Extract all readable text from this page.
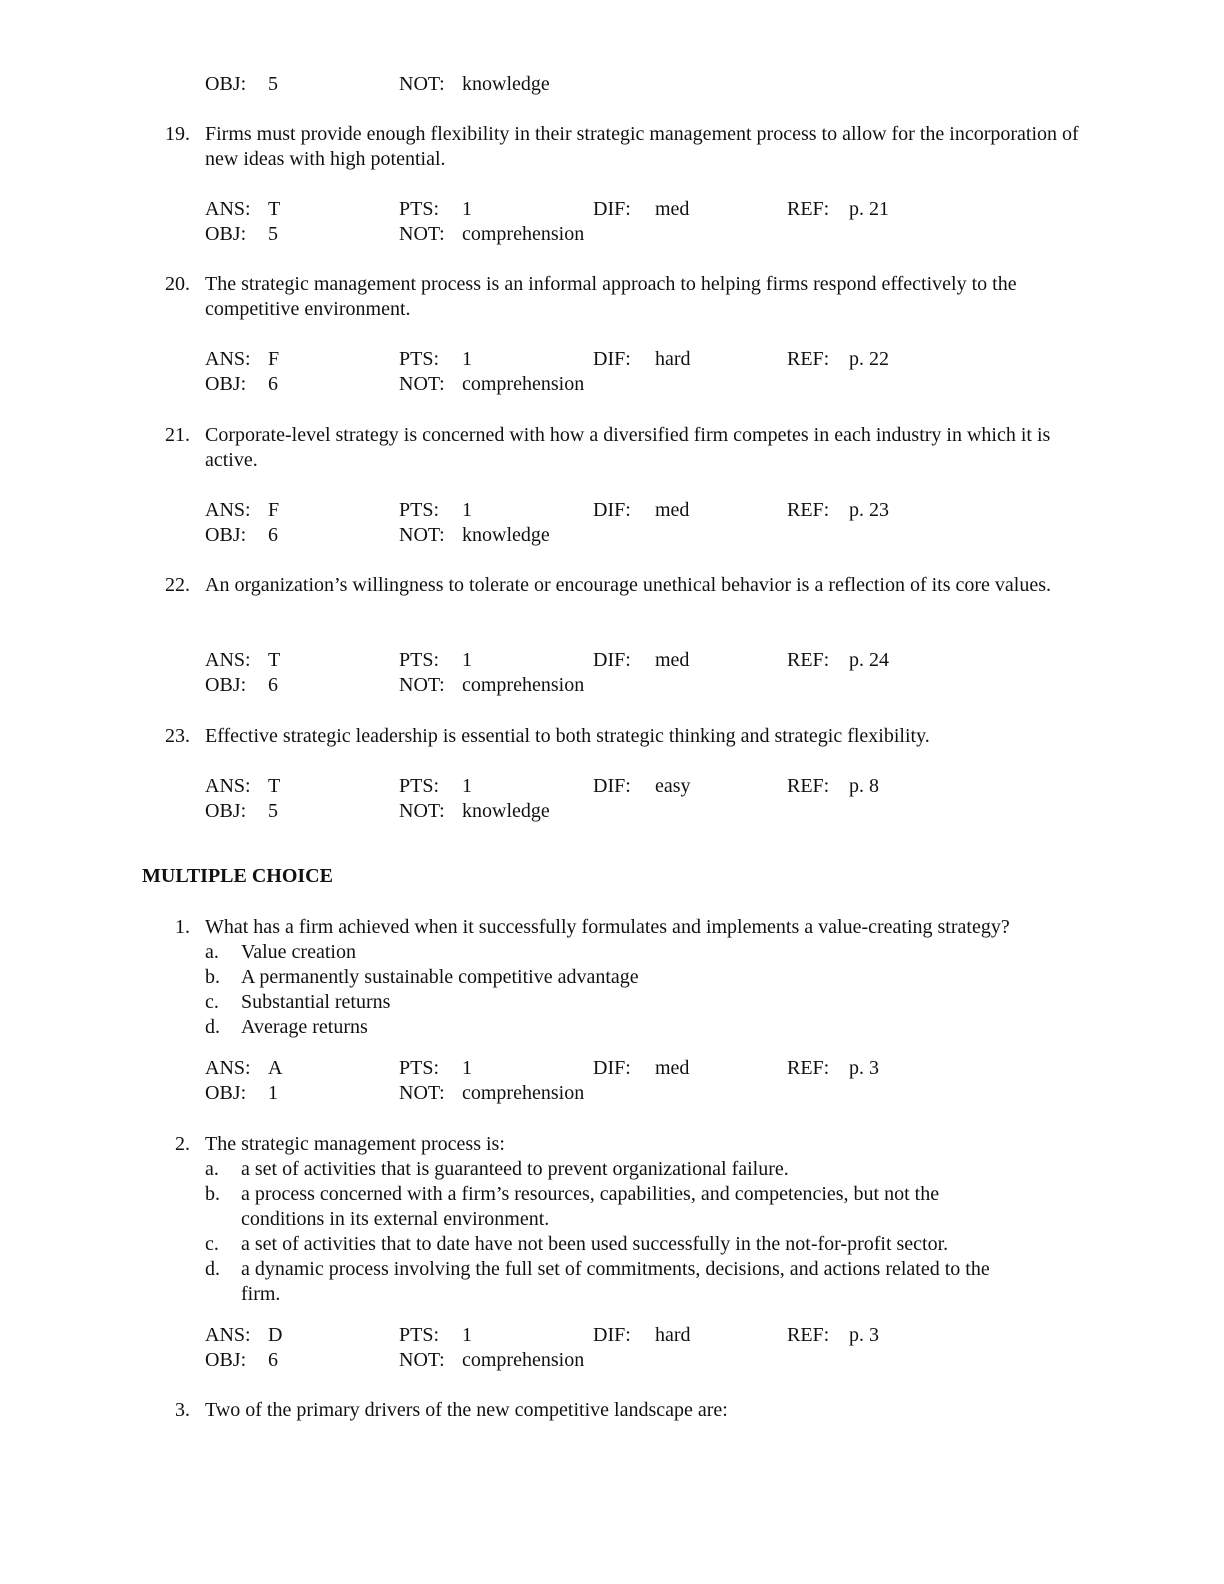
OBJ: 5	NOT: knowledge
19. Firms must provide enough flexibility in their strategic management process to allow for the incorporation of new ideas with high potential.
ANS: T	PTS: 1	DIF: med	REF: p. 21
OBJ: 5	NOT: comprehension
20. The strategic management process is an informal approach to helping firms respond effectively to the competitive environment.
ANS: F	PTS: 1	DIF: hard	REF: p. 22
OBJ: 6	NOT: comprehension
21. Corporate-level strategy is concerned with how a diversified firm competes in each industry in which it is active.
ANS: F	PTS: 1	DIF: med	REF: p. 23
OBJ: 6	NOT: knowledge
22. An organization’s willingness to tolerate or encourage unethical behavior is a reflection of its core values.
ANS: T	PTS: 1	DIF: med	REF: p. 24
OBJ: 6	NOT: comprehension
23. Effective strategic leadership is essential to both strategic thinking and strategic flexibility.
ANS: T	PTS: 1	DIF: easy	REF: p. 8
OBJ: 5	NOT: knowledge
MULTIPLE CHOICE
1. What has a firm achieved when it successfully formulates and implements a value-creating strategy?
a. Value creation
b. A permanently sustainable competitive advantage
c. Substantial returns
d. Average returns
ANS: A	PTS: 1	DIF: med	REF: p. 3
OBJ: 1	NOT: comprehension
2. The strategic management process is:
a. a set of activities that is guaranteed to prevent organizational failure.
b. a process concerned with a firm’s resources, capabilities, and competencies, but not the conditions in its external environment.
c. a set of activities that to date have not been used successfully in the not-for-profit sector.
d. a dynamic process involving the full set of commitments, decisions, and actions related to the firm.
ANS: D	PTS: 1	DIF: hard	REF: p. 3
OBJ: 6	NOT: comprehension
3. Two of the primary drivers of the new competitive landscape are:
